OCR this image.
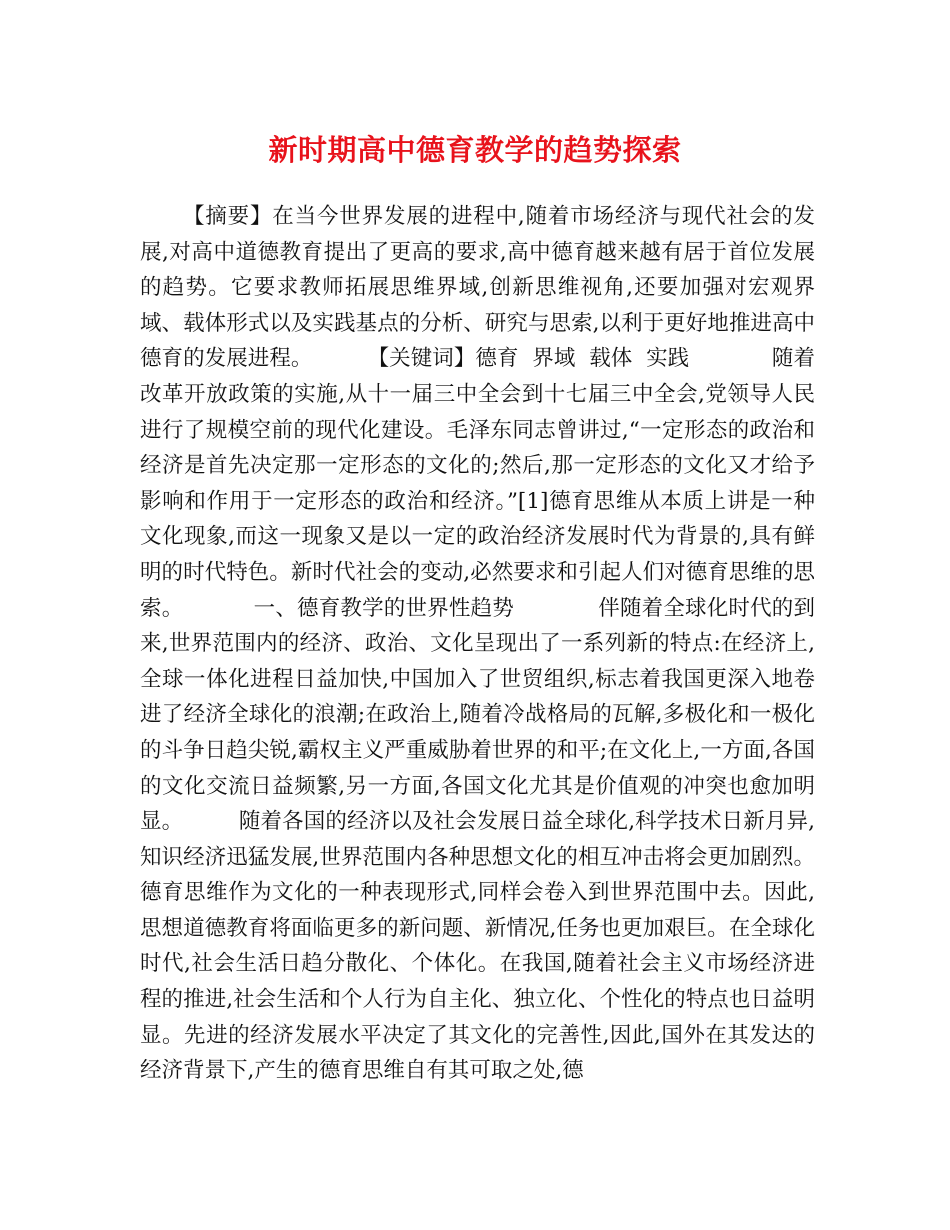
新时期高中德育教学的趋势探索

【摘要】在当今世界发展的进程中,随着市场经济与现代社会的发展,对高中道德教育提出了更高的要求,高中德育越来越有居于首位发展的趋势。它要求教师拓展思维界域,创新思维视角,还要加强对宏观界域、载体形式以及实践基点的分析、研究与思索,以利于更好地推进高中德育的发展进程。        【关键词】德育  界域  载体  实践            随着改革开放政策的实施,从十一届三中全会到十七届三中全会,党领导人民进行了规模空前的现代化建设。毛泽东同志曾讲过,“一定形态的政治和经济是首先决定那一定形态的文化的;然后,那一定形态的文化又才给予影响和作用于一定形态的政治和经济。”[1]德育思维从本质上讲是一种文化现象,而这一现象又是以一定的政治经济发展时代为背景的,具有鲜明的时代特色。新时代社会的变动,必然要求和引起人们对德育思维的思索。          一、德育教学的世界性趋势            伴随着全球化时代的到来,世界范围内的经济、政治、文化呈现出了一系列新的特点:在经济上,全球一体化进程日益加快,中国加入了世贸组织,标志着我国更深入地卷进了经济全球化的浪潮;在政治上,随着冷战格局的瓦解,多极化和一极化的斗争日趋尖锐,霸权主义严重威胁着世界的和平;在文化上,一方面,各国的文化交流日益频繁,另一方面,各国文化尤其是价值观的冲突也愈加明显。        随着各国的经济以及社会发展日益全球化,科学技术日新月异,知识经济迅猛发展,世界范围内各种思想文化的相互冲击将会更加剧烈。德育思维作为文化的一种表现形式,同样会卷入到世界范围中去。因此,思想道德教育将面临更多的新问题、新情况,任务也更加艰巨。在全球化时代,社会生活日趋分散化、个体化。在我国,随着社会主义市场经济进程的推进,社会生活和个人行为自主化、独立化、个性化的特点也日益明显。先进的经济发展水平决定了其文化的完善性,因此,国外在其发达的经济背景下,产生的德育思维自有其可取之处,德
